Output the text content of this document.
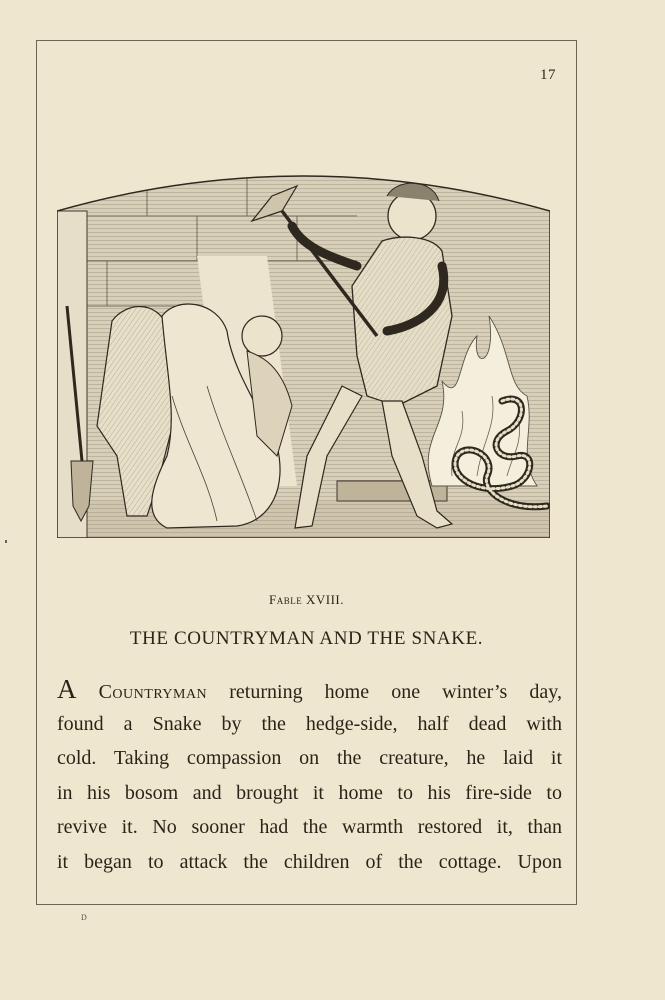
17
Fable XVIII.
THE COUNTRYMAN AND THE SNAKE.
A Countryman returning home one winter’s day,
found a Snake by the hedge-side, half dead with
cold. Taking compassion on the creature, he laid it
in his bosom and brought it home to his fire-side to
revive it. No sooner had the warmth restored it, than
it began to attack the children of the cottage. Upon
D
